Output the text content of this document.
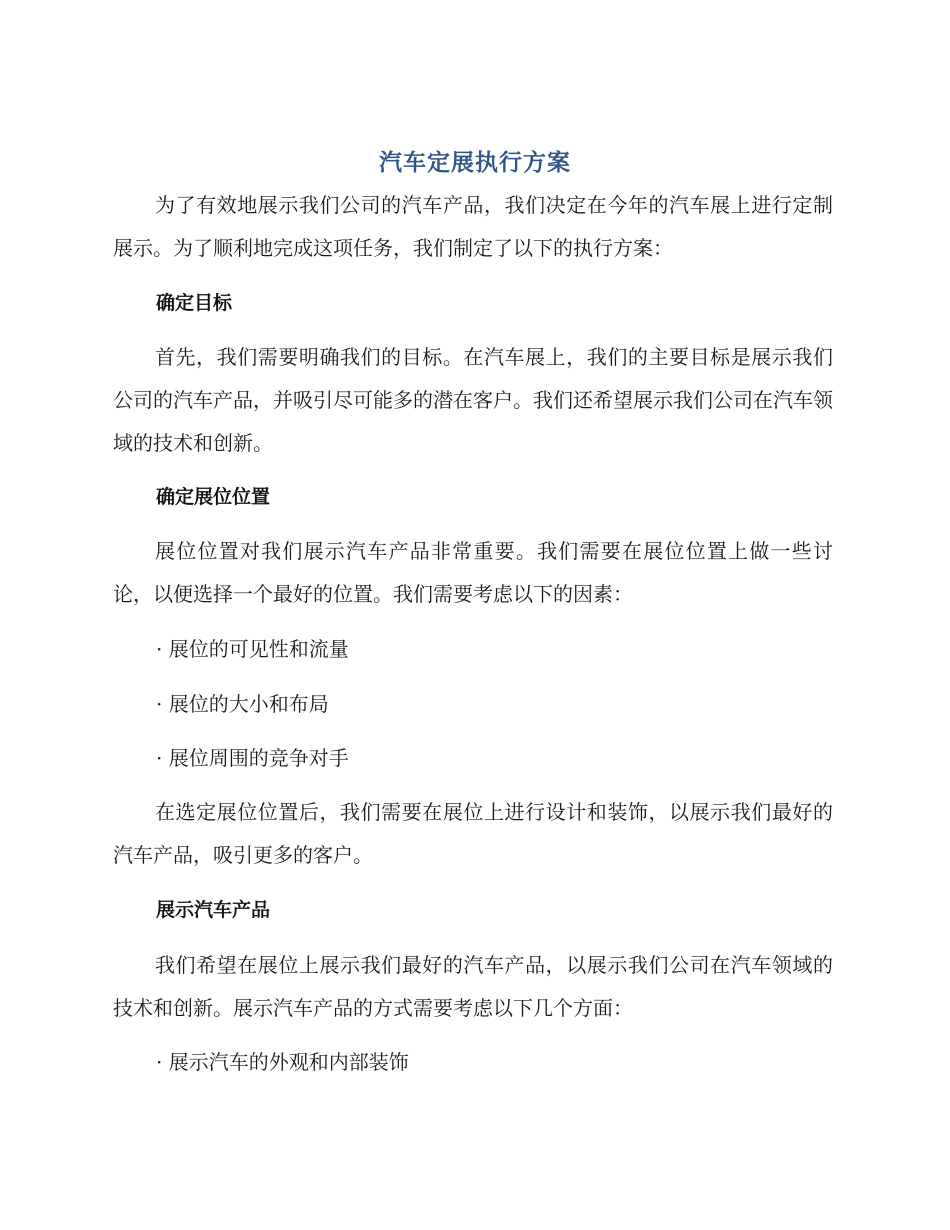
汽车定展执行方案
为了有效地展示我们公司的汽车产品，我们决定在今年的汽车展上进行定制展示。为了顺利地完成这项任务，我们制定了以下的执行方案：
确定目标
首先，我们需要明确我们的目标。在汽车展上，我们的主要目标是展示我们公司的汽车产品，并吸引尽可能多的潜在客户。我们还希望展示我们公司在汽车领域的技术和创新。
确定展位位置
展位位置对我们展示汽车产品非常重要。我们需要在展位位置上做一些讨论，以便选择一个最好的位置。我们需要考虑以下的因素：
· 展位的可见性和流量
· 展位的大小和布局
· 展位周围的竞争对手
在选定展位位置后，我们需要在展位上进行设计和装饰，以展示我们最好的汽车产品，吸引更多的客户。
展示汽车产品
我们希望在展位上展示我们最好的汽车产品，以展示我们公司在汽车领域的技术和创新。展示汽车产品的方式需要考虑以下几个方面：
· 展示汽车的外观和内部装饰
